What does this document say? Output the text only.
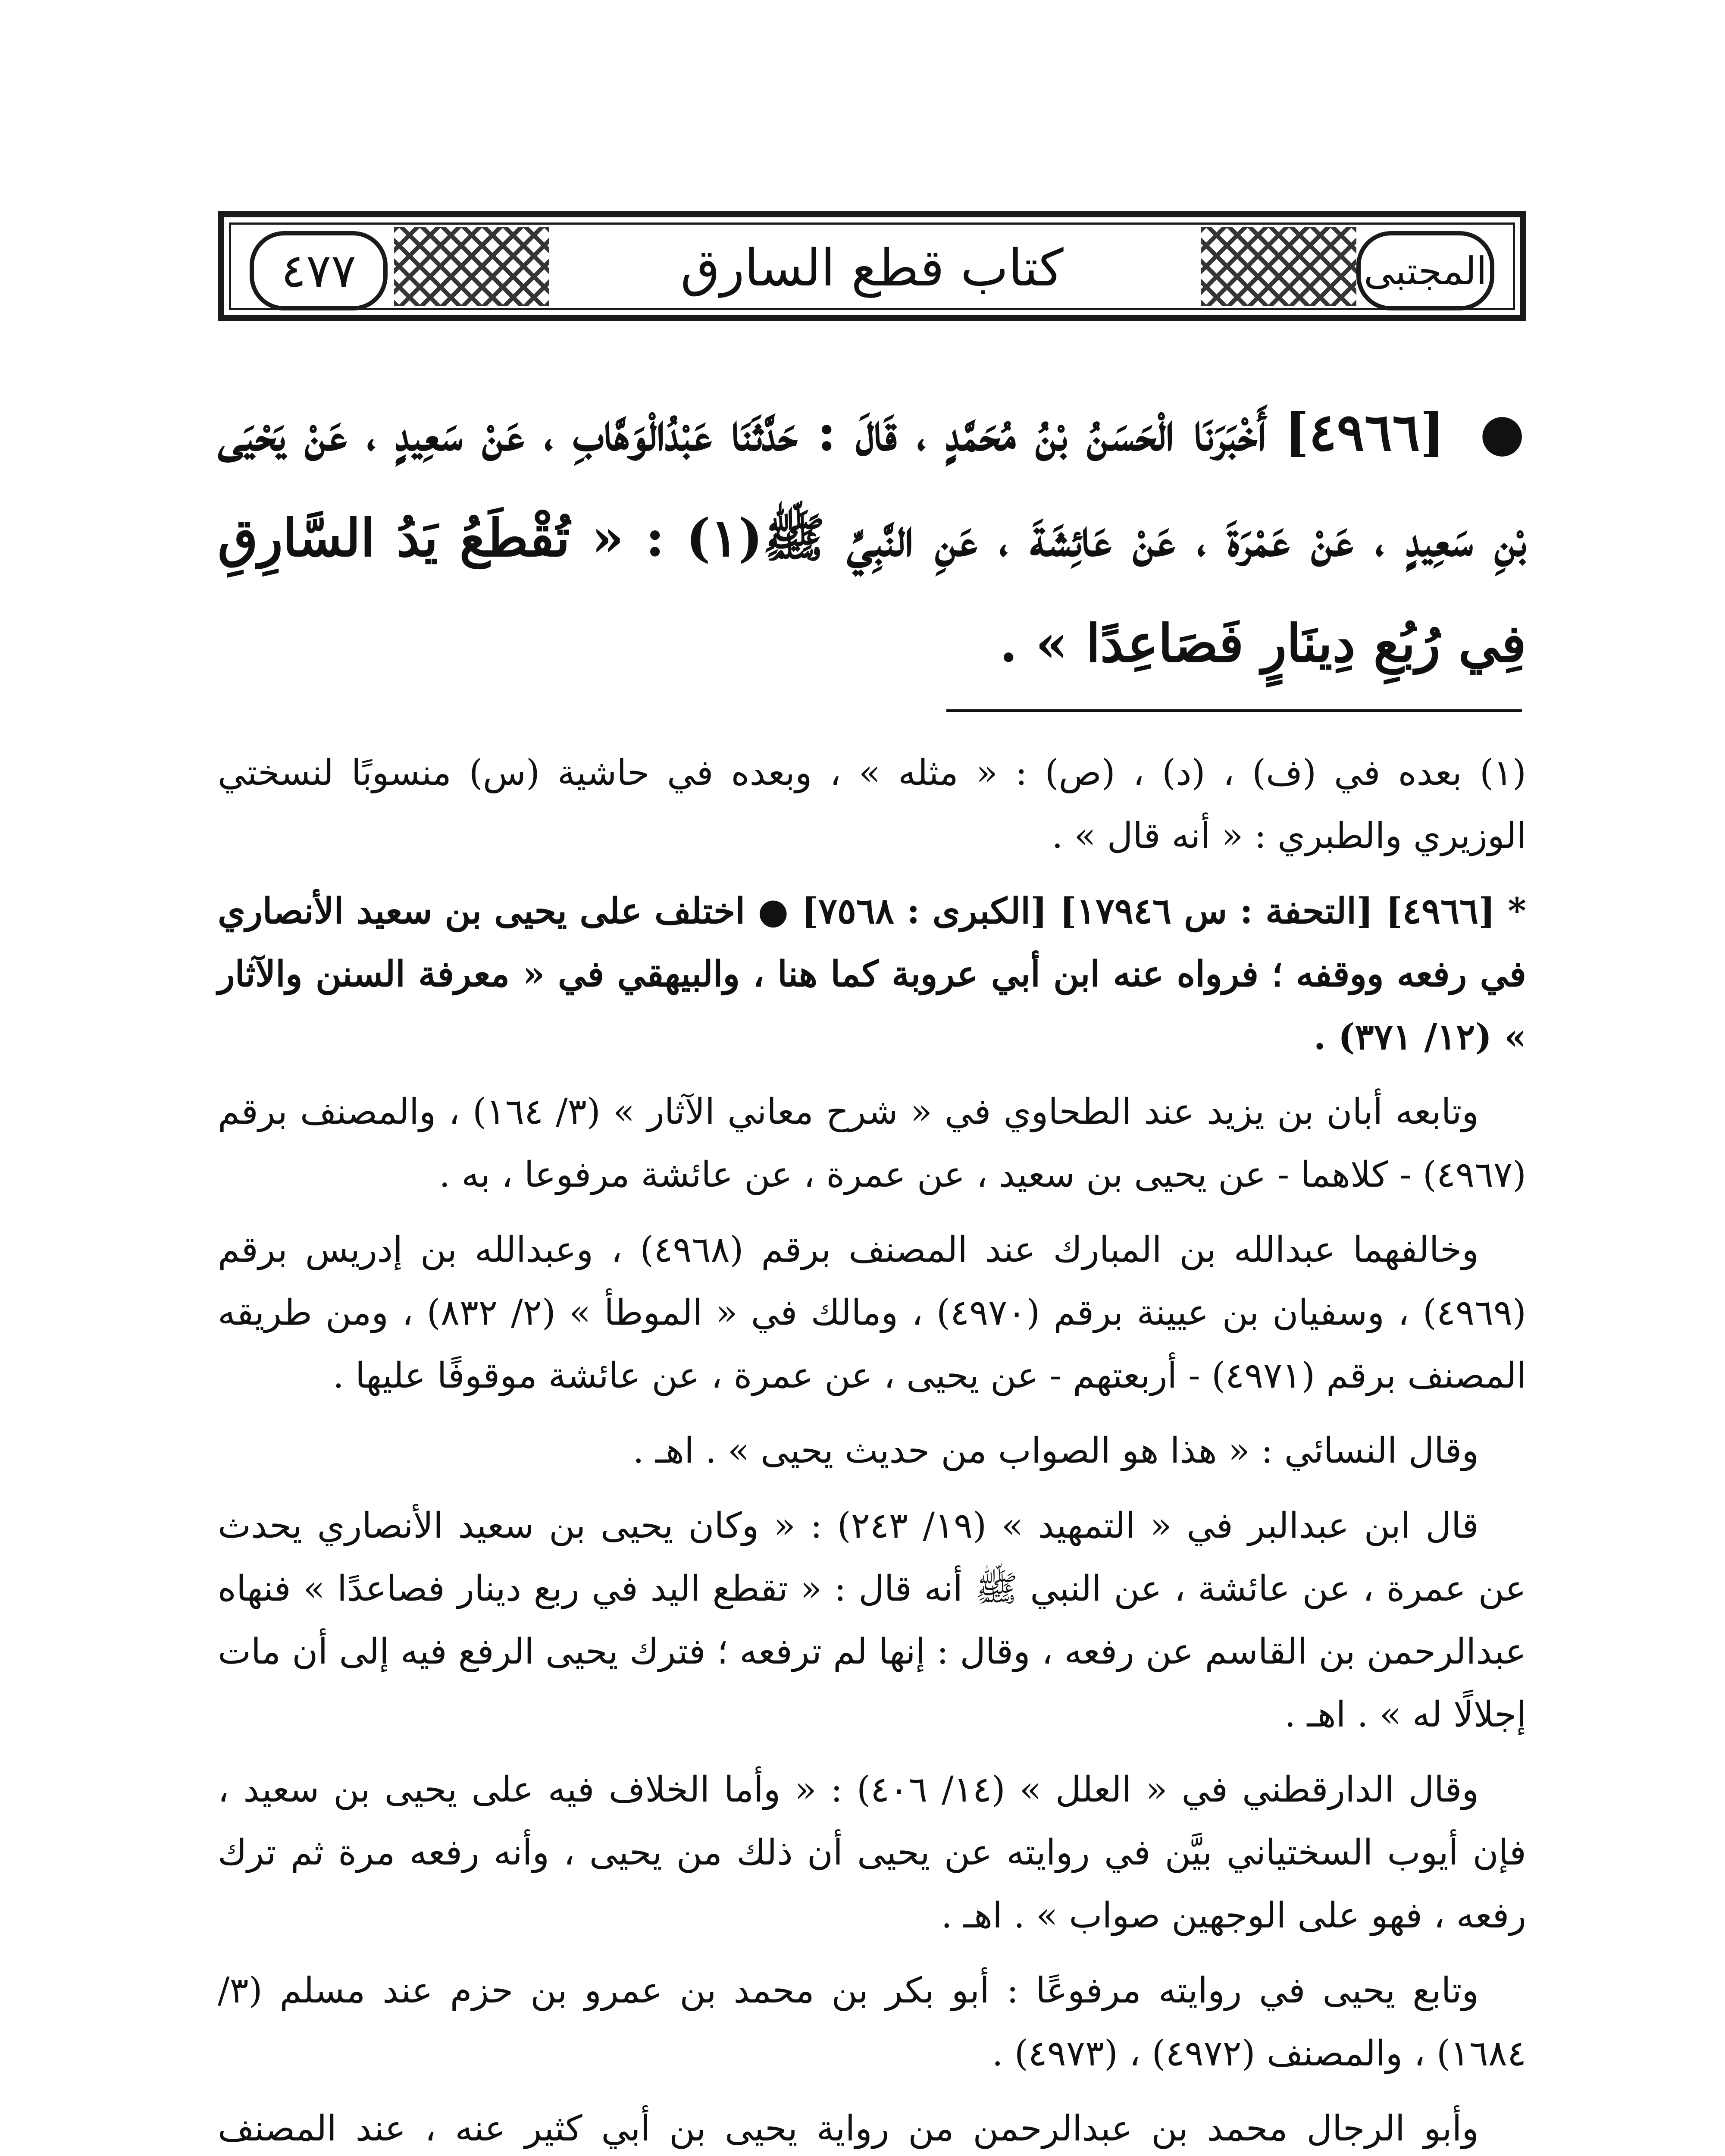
٤٧٧	كتاب قطع السارق	المجتبى
● [٤٩٦٦] أَخْبَرَنَا الْحَسَنُ بْنُ مُحَمَّدٍ ، قَالَ : حَدَّثَنَا عَبْدُالْوَهَّابِ ، عَنْ سَعِيدٍ ، عَنْ يَحْيَى بْنِ سَعِيدٍ ، عَنْ عَمْرَةَ ، عَنْ عَائِشَةَ ، عَنِ النَّبِيِّ ﷺ(١) : « تُقْطَعُ يَدُ السَّارِقِ فِي رُبُعِ دِينَارٍ فَصَاعِدًا » .

(١) بعده في (ف) ، (د) ، (ص) : « مثله » ، وبعده في حاشية (س) منسوبًا لنسختي الوزيري والطبري : « أنه قال » .

* [٤٩٦٦] [التحفة : س ١٧٩٤٦] [الكبرى : ٧٥٦٨] ● اختلف على يحيى بن سعيد الأنصاري في رفعه ووقفه ؛ فرواه عنه ابن أبي عروبة كما هنا ، والبيهقي في « معرفة السنن والآثار » (١٢/ ٣٧١) .

وتابعه أبان بن يزيد عند الطحاوي في « شرح معاني الآثار » (٣/ ١٦٤) ، والمصنف برقم (٤٩٦٧) - كلاهما - عن يحيى بن سعيد ، عن عمرة ، عن عائشة مرفوعا ، به .

وخالفهما عبدالله بن المبارك عند المصنف برقم (٤٩٦٨) ، وعبدالله بن إدريس برقم (٤٩٦٩) ، وسفيان بن عيينة برقم (٤٩٧٠) ، ومالك في « الموطأ » (٢/ ٨٣٢) ، ومن طريقه المصنف برقم (٤٩٧١) - أربعتهم - عن يحيى ، عن عمرة ، عن عائشة موقوفًا عليها .

وقال النسائي : « هذا هو الصواب من حديث يحيى » . اهـ .

قال ابن عبدالبر في « التمهيد » (١٩/ ٢٤٣) : « وكان يحيى بن سعيد الأنصاري يحدث عن عمرة ، عن عائشة ، عن النبي ﷺ أنه قال : « تقطع اليد في ربع دينار فصاعدًا » فنهاه عبدالرحمن بن القاسم عن رفعه ، وقال : إنها لم ترفعه ؛ فترك يحيى الرفع فيه إلى أن مات إجلالًا له » . اهـ .

وقال الدارقطني في « العلل » (١٤/ ٤٠٦) : « وأما الخلاف فيه على يحيى بن سعيد ، فإن أيوب السختياني بيَّن في روايته عن يحيى أن ذلك من يحيى ، وأنه رفعه مرة ثم ترك رفعه ، فهو على الوجهين صواب » . اهـ .

وتابع يحيى في روايته مرفوعًا : أبو بكر بن محمد بن عمرو بن حزم عند مسلم (٣/ ١٦٨٤) ، والمصنف (٤٩٧٢) ، (٤٩٧٣) .

وأبو الرجال محمد بن عبدالرحمن من رواية يحيى بن أبي كثير عنه ، عند المصنف
